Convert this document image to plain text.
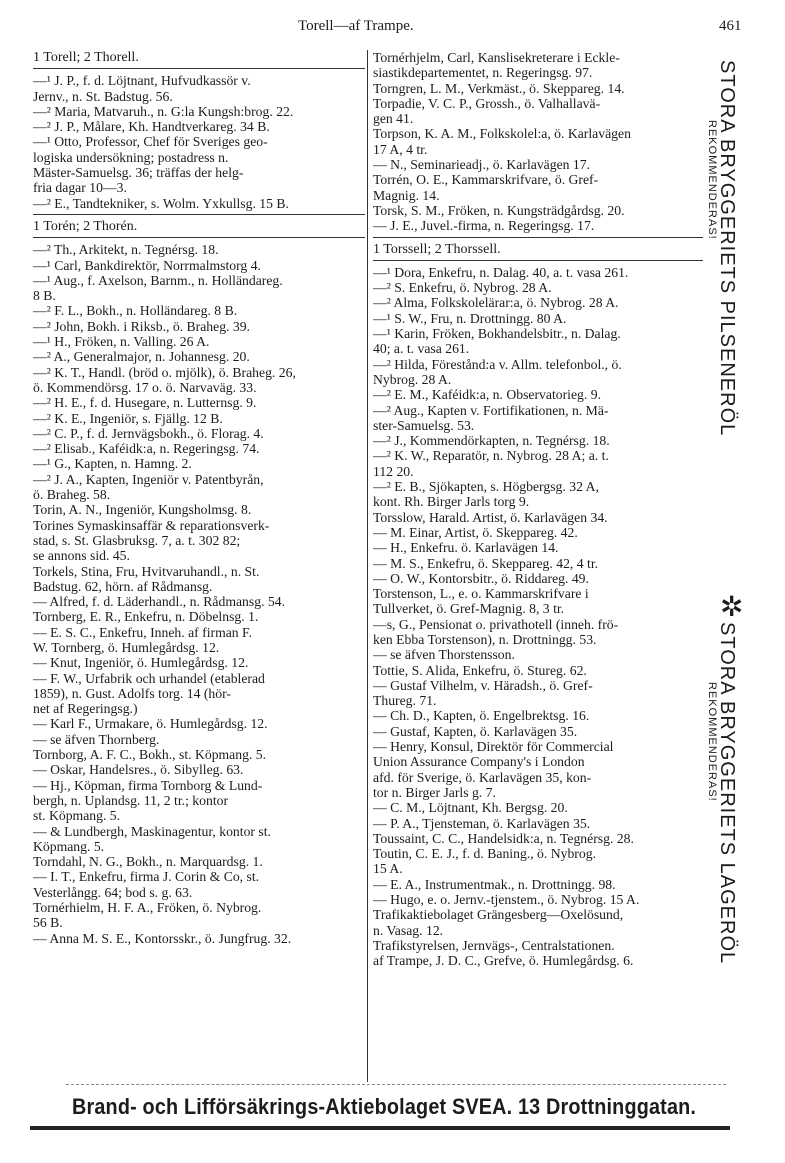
Torell—af Trampe.	461
1 Torell; 2 Thorell.
—¹ J. P., f. d. Löjtnant, Hufvudkassör v.
Jernv., n. St. Badstug. 56.
—² Maria, Matvaruh., n. G:la Kungsh:brog. 22.
—² J. P., Målare, Kh. Handtverkareg. 34 B.
—¹ Otto, Professor, Chef för Sveriges geo-
logiska undersökning; postadress n.
Mäster-Samuelsg. 36; träffas der helg-
fria dagar 10—3.
—² E., Tandtekniker, s. Wolm. Yxkullsg. 15 B.
1 Torén; 2 Thorén.
—² Th., Arkitekt, n. Tegnérsg. 18.
—¹ Carl, Bankdirektör, Norrmalmstorg 4.
—¹ Aug., f. Axelson, Barnm., n. Holländareg.
8 B.
—² F. L., Bokh., n. Holländareg. 8 B.
—² John, Bokh. i Riksb., ö. Braheg. 39.
—¹ H., Fröken, n. Valling. 26 A.
—² A., Generalmajor, n. Johannesg. 20.
—² K. T., Handl. (bröd o. mjölk), ö. Braheg. 26,
ö. Kommendörsg. 17 o. ö. Narvaväg. 33.
—² H. E., f. d. Husegare, n. Lutternsg. 9.
—² K. E., Ingeniör, s. Fjällg. 12 B.
—² C. P., f. d. Jernvägsbokh., ö. Florag. 4.
—² Elisab., Kaféidk:a, n. Regeringsg. 74.
—¹ G., Kapten, n. Hamng. 2.
—² J. A., Kapten, Ingeniör v. Patentbyrån,
ö. Braheg. 58.
Torin, A. N., Ingeniör, Kungsholmsg. 8.
Torines Symaskinsaffär & reparationsverk-
stad, s. St. Glasbruksg. 7, a. t. 302 82;
se annons sid. 45.
Torkels, Stina, Fru, Hvitvaruhandl., n. St.
Badstug. 62, hörn. af Rådmansg.
— Alfred, f. d. Läderhandl., n. Rådmansg. 54.
Tornberg, E. R., Enkefru, n. Döbelnsg. 1.
— E. S. C., Enkefru, Inneh. af firman F.
W. Tornberg, ö. Humlegårdsg. 12.
— Knut, Ingeniör, ö. Humlegårdsg. 12.
— F. W., Urfabrik och urhandel (etablerad
1859), n. Gust. Adolfs torg. 14 (hör-
net af Regeringsg.)
— Karl F., Urmakare, ö. Humlegårdsg. 12.
— se äfven Thornberg.
Tornborg, A. F. C., Bokh., st. Köpmang. 5.
— Oskar, Handelsres., ö. Sibylleg. 63.
— Hj., Köpman, firma Tornborg & Lund-
bergh, n. Uplandsg. 11, 2 tr.; kontor
st. Köpmang. 5.
— & Lundbergh, Maskinagentur, kontor st.
Köpmang. 5.
Torndahl, N. G., Bokh., n. Marquardsg. 1.
— I. T., Enkefru, firma J. Corin & Co, st.
Vesterlångg. 64; bod s. g. 63.
Tornérhielm, H. F. A., Fröken, ö. Nybrog.
56 B.
— Anna M. S. E., Kontorsskr., ö. Jungfrug. 32.
Tornérhjelm, Carl, Kanslisekreterare i Eckle-
siastikdepartementet, n. Regeringsg. 97.
Torngren, L. M., Verkmäst., ö. Skeppareg. 14.
Torpadie, V. C. P., Grossh., ö. Valhallavä-
gen 41.
Torpson, K. A. M., Folkskolel:a, ö. Karlavägen
17 A, 4 tr.
— N., Seminarieadj., ö. Karlavägen 17.
Torrén, O. E., Kammarskrifvare, ö. Gref-
Magnig. 14.
Torsk, S. M., Fröken, n. Kungsträdgårdsg. 20.
— J. E., Juvel.-firma, n. Regeringsg. 17.
1 Torssell; 2 Thorssell.
—¹ Dora, Enkefru, n. Dalag. 40, a. t. vasa 261.
—² S. Enkefru, ö. Nybrog. 28 A.
—² Alma, Folkskolelärar:a, ö. Nybrog. 28 A.
—¹ S. W., Fru, n. Drottningg. 80 A.
—¹ Karin, Fröken, Bokhandelsbitr., n. Dalag.
40; a. t. vasa 261.
—² Hilda, Förestånd:a v. Allm. telefonbol., ö.
Nybrog. 28 A.
—² E. M., Kaféidk:a, n. Observatorieg. 9.
—² Aug., Kapten v. Fortifikationen, n. Mä-
ster-Samuelsg. 53.
—² J., Kommendörkapten, n. Tegnérsg. 18.
—² K. W., Reparatör, n. Nybrog. 28 A; a. t.
112 20.
—² E. B., Sjökapten, s. Högbergsg. 32 A,
kont. Rh. Birger Jarls torg 9.
Torsslow, Harald. Artist, ö. Karlavägen 34.
— M. Einar, Artist, ö. Skeppareg. 42.
— H., Enkefru. ö. Karlavägen 14.
— M. S., Enkefru, ö. Skeppareg. 42, 4 tr.
— O. W., Kontorsbitr., ö. Riddareg. 49.
Torstenson, L., e. o. Kammarskrifvare i
Tullverket, ö. Gref-Magnig. 8, 3 tr.
—s, G., Pensionat o. privathotell (inneh. frö-
ken Ebba Torstenson), n. Drottningg. 53.
— se äfven Thorstensson.
Tottie, S. Alida, Enkefru, ö. Stureg. 62.
— Gustaf Vilhelm, v. Häradsh., ö. Gref-
Thureg. 71.
— Ch. D., Kapten, ö. Engelbrektsg. 16.
— Gustaf, Kapten, ö. Karlavägen 35.
— Henry, Konsul, Direktör för Commercial
Union Assurance Company's i London
afd. för Sverige, ö. Karlavägen 35, kon-
tor n. Birger Jarls g. 7.
— C. M., Löjtnant, Kh. Bergsg. 20.
— P. A., Tjensteman, ö. Karlavägen 35.
Toussaint, C. C., Handelsidk:a, n. Tegnérsg. 28.
Toutin, C. E. J., f. d. Baning., ö. Nybrog.
15 A.
— E. A., Instrumentmak., n. Drottningg. 98.
— Hugo, e. o. Jernv.-tjenstem., ö. Nybrog. 15 A.
Trafikaktiebolaget Grängesberg—Oxelösund,
n. Vasag. 12.
Trafikstyrelsen, Jernvägs-, Centralstationen.
af Trampe, J. D. C., Grefve, ö. Humlegårdsg. 6.
STORA BRYGGERIETS PILSENERÖL
REKOMMENDERAS!
✲
STORA BRYGGERIETS LAGERÖL
REKOMMENDERAS!
Brand- och Lifförsäkrings-Aktiebolaget SVEA. 13 Drottninggatan.
